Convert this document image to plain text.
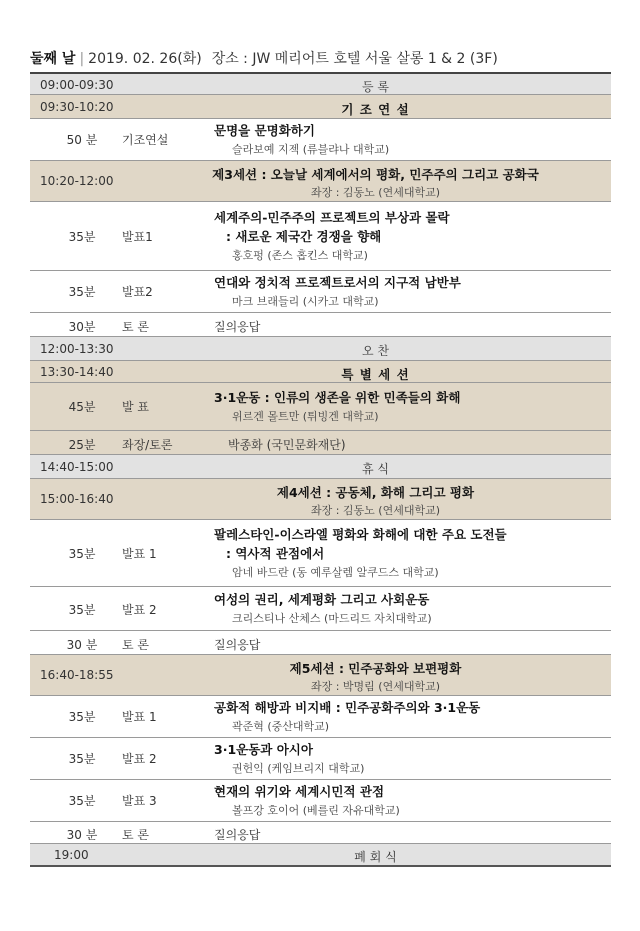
둘째 날 | 2019. 02. 26(화) 장소 : JW 메리어트 호텔 서울 살롱 1 & 2 (3F)
09:00-09:30	등 록
09:30-10:20	기 조 연 설
50 분	기조연설
문명을 문명화하기
슬라보예 지젝 (류블랴나 대학교)
10:20-12:00	제3세션 : 오늘날 세계에서의 평화, 민주주의 그리고 공화국
좌장 : 김동노 (연세대학교)
35분	발표1
세계주의-민주주의 프로젝트의 부상과 몰락
: 새로운 제국간 경쟁을 향해
홍호펑 (존스 홉킨스 대학교)
35분	발표2
연대와 정치적 프로젝트로서의 지구적 남반부
마크 브래들리 (시카고 대학교)
30분	토 론	질의응답
12:00-13:30	오 찬
13:30-14:40	특 별 세 션
45분	발 표
3·1운동 : 인류의 생존을 위한 민족들의 화해
위르겐 몰트만 (튀빙겐 대학교)
25분	좌장/토론	박종화 (국민문화재단)
14:40-15:00	휴 식
15:00-16:40	제4세션 : 공동체, 화해 그리고 평화
좌장 : 김동노 (연세대학교)
35분	발표 1
팔레스타인-이스라엘 평화와 화해에 대한 주요 도전들
: 역사적 관점에서
암네 바드란 (동 예루살렘 알쿠드스 대학교)
35분	발표 2
여성의 권리, 세계평화 그리고 사회운동
크리스티나 산체스 (마드리드 자치대학교)
30 분	토 론	질의응답
16:40-18:55	제5세션 : 민주공화와 보편평화
좌장 : 박명림 (연세대학교)
35분	발표 1
공화적 해방과 비지배 : 민주공화주의와 3·1운동
곽준혁 (중산대학교)
35분	발표 2
3·1운동과 아시아
권헌익 (케임브리지 대학교)
35분	발표 3
현재의 위기와 세계시민적 관점
볼프강 호이어 (베를린 자유대학교)
30 분	토 론	질의응답
19:00	폐 회 식
